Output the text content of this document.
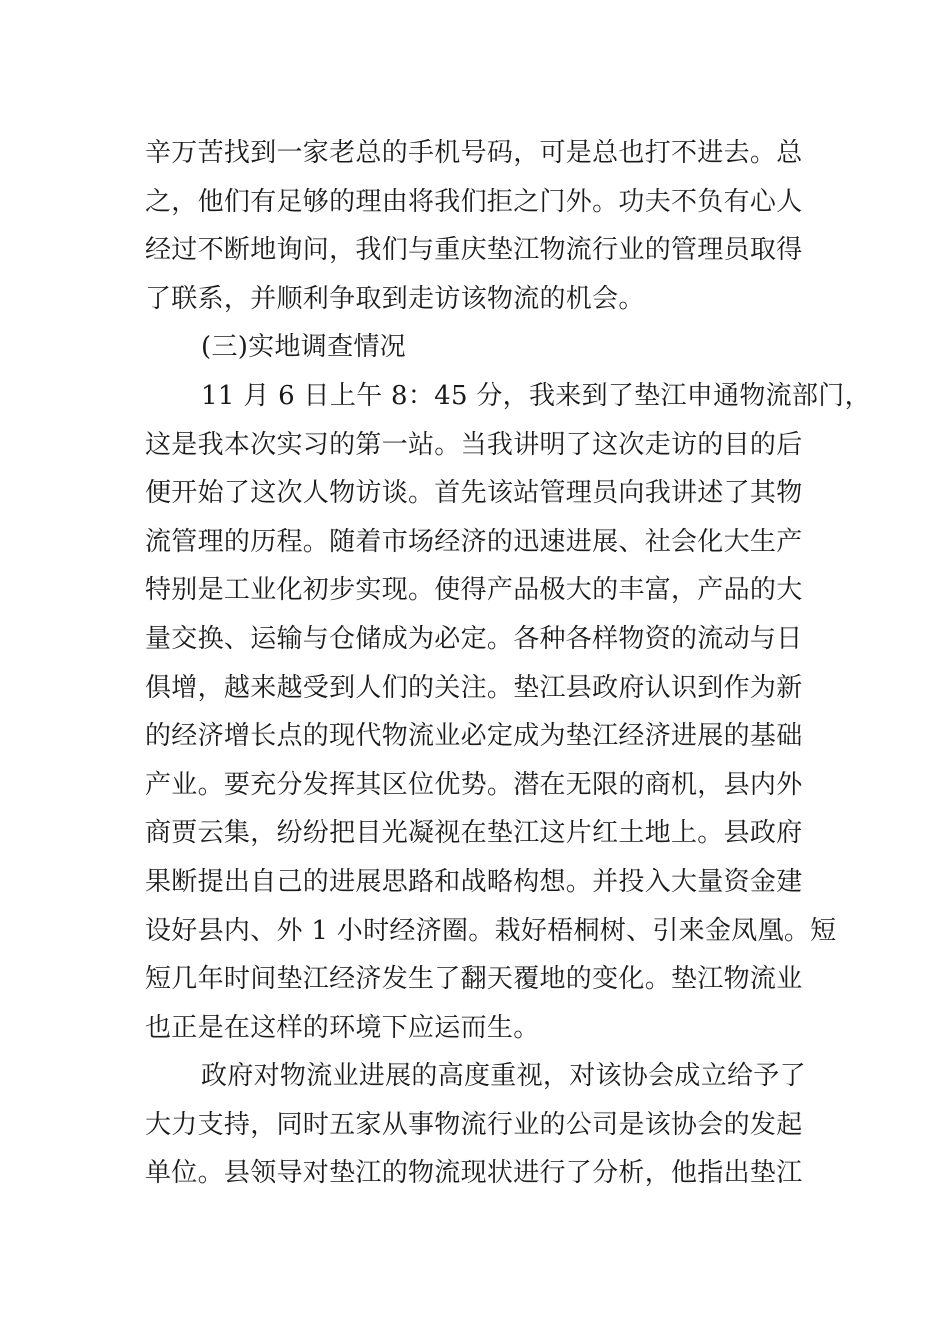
辛万苦找到一家老总的手机号码，可是总也打不进去。总
之，他们有足够的理由将我们拒之门外。功夫不负有心人
经过不断地询问，我们与重庆垫江物流行业的管理员取得
了联系，并顺利争取到走访该物流的机会。
(三)实地调查情况
11 月 6 日上午 8：45 分，我来到了垫江申通物流部门，
这是我本次实习的第一站。当我讲明了这次走访的目的后
便开始了这次人物访谈。首先该站管理员向我讲述了其物
流管理的历程。随着市场经济的迅速进展、社会化大生产
特别是工业化初步实现。使得产品极大的丰富，产品的大
量交换、运输与仓储成为必定。各种各样物资的流动与日
俱增，越来越受到人们的关注。垫江县政府认识到作为新
的经济增长点的现代物流业必定成为垫江经济进展的基础
产业。要充分发挥其区位优势。潜在无限的商机，县内外
商贾云集，纷纷把目光凝视在垫江这片红土地上。县政府
果断提出自己的进展思路和战略构想。并投入大量资金建
设好县内、外 1 小时经济圈。栽好梧桐树、引来金凤凰。短
短几年时间垫江经济发生了翻天覆地的变化。垫江物流业
也正是在这样的环境下应运而生。
政府对物流业进展的高度重视，对该协会成立给予了
大力支持，同时五家从事物流行业的公司是该协会的发起
单位。县领导对垫江的物流现状进行了分析，他指出垫江
